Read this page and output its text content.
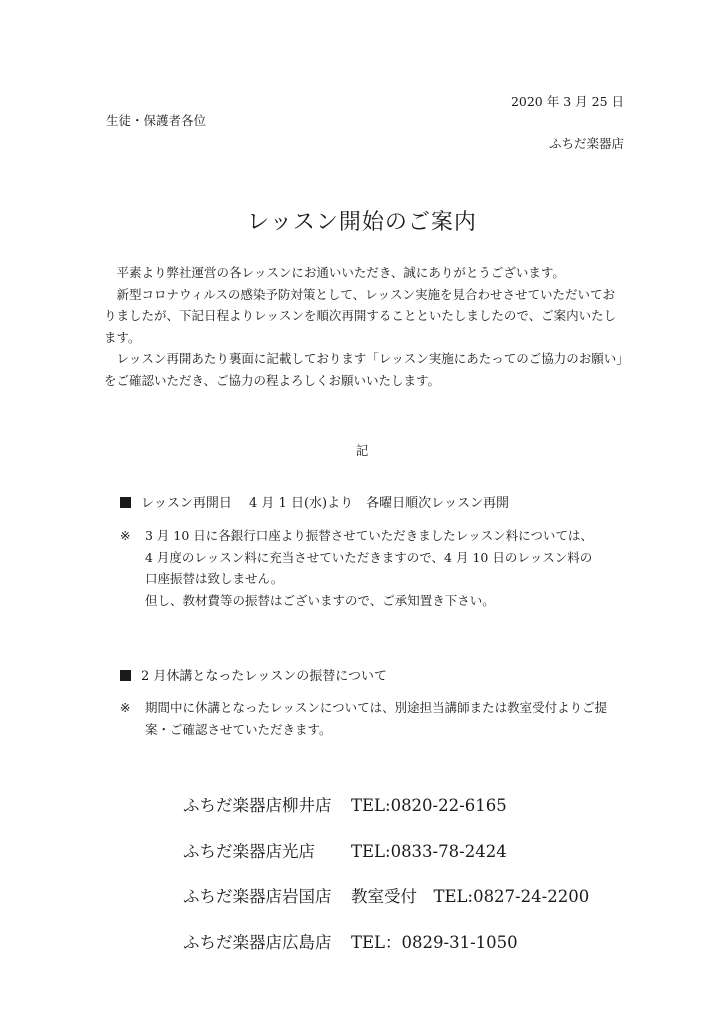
2020 年 3 月 25 日
生徒・保護者各位
ふちだ楽器店
レッスン開始のご案内

平素より弊社運営の各レッスンにお通いいただき、誠にありがとうございます。

新型コロナウィルスの感染予防対策として、レッスン実施を見合わせさせていただいておりましたが、下記日程よりレッスンを順次再開することといたしましたので、ご案内いたします。

レッスン再開あたり裏面に記載しております「レッスン実施にあたってのご協力のお願い」をご確認いただき、ご協力の程よろしくお願いいたします。

記
レッスン再開日　 4 月 1 日(水)より　各曜日順次レッスン再開
※ 3 月 10 日に各銀行口座より振替させていただきましたレッスン料については、
4 月度のレッスン料に充当させていただきますので、4 月 10 日のレッスン料の
口座振替は致しません。
但し、教材費等の振替はございますので、ご承知置き下さい。
2 月休講となったレッスンの振替について
※ 期間中に休講となったレッスンについては、別途担当講師または教室受付よりご提案・ご確認させていただきます。
ふちだ楽器店柳井店 TEL:0820-22-6165
ふちだ楽器店光店 TEL:0833-78-2424
ふちだ楽器店岩国店 教室受付　TEL:0827-24-2200
ふちだ楽器店広島店 TEL：0829-31-1050
